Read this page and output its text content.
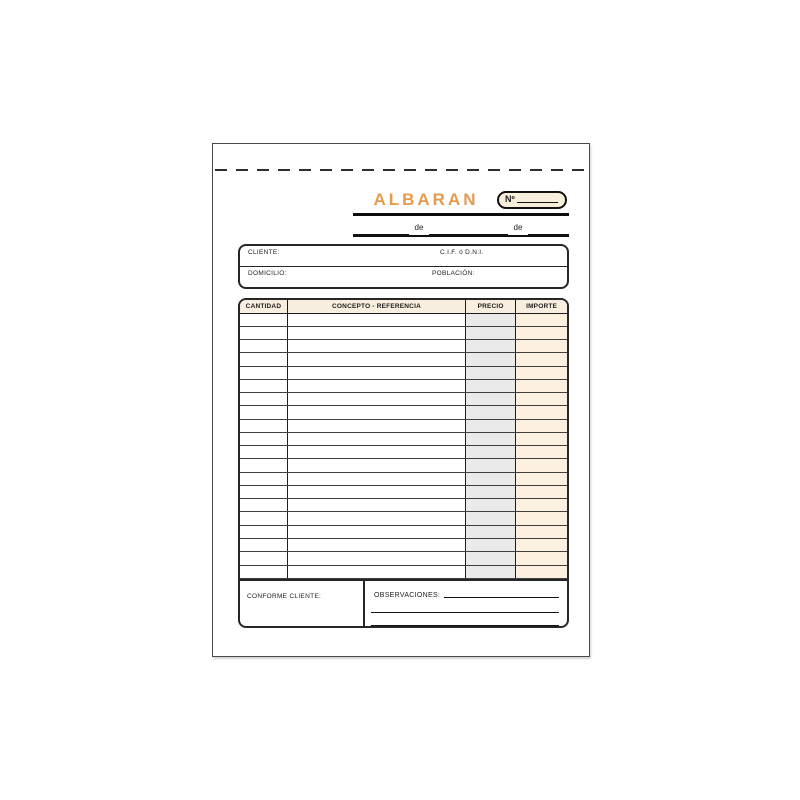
ALBARAN	Nº
de	de
CLIENTE:	C.I.F. ó D.N.I.
DOMICILIO:	POBLACIÓN:
CANTIDAD	CONCEPTO - REFERENCIA	PRECIO	IMPORTE

CONFORME CLIENTE:	OBSERVACIONES:
